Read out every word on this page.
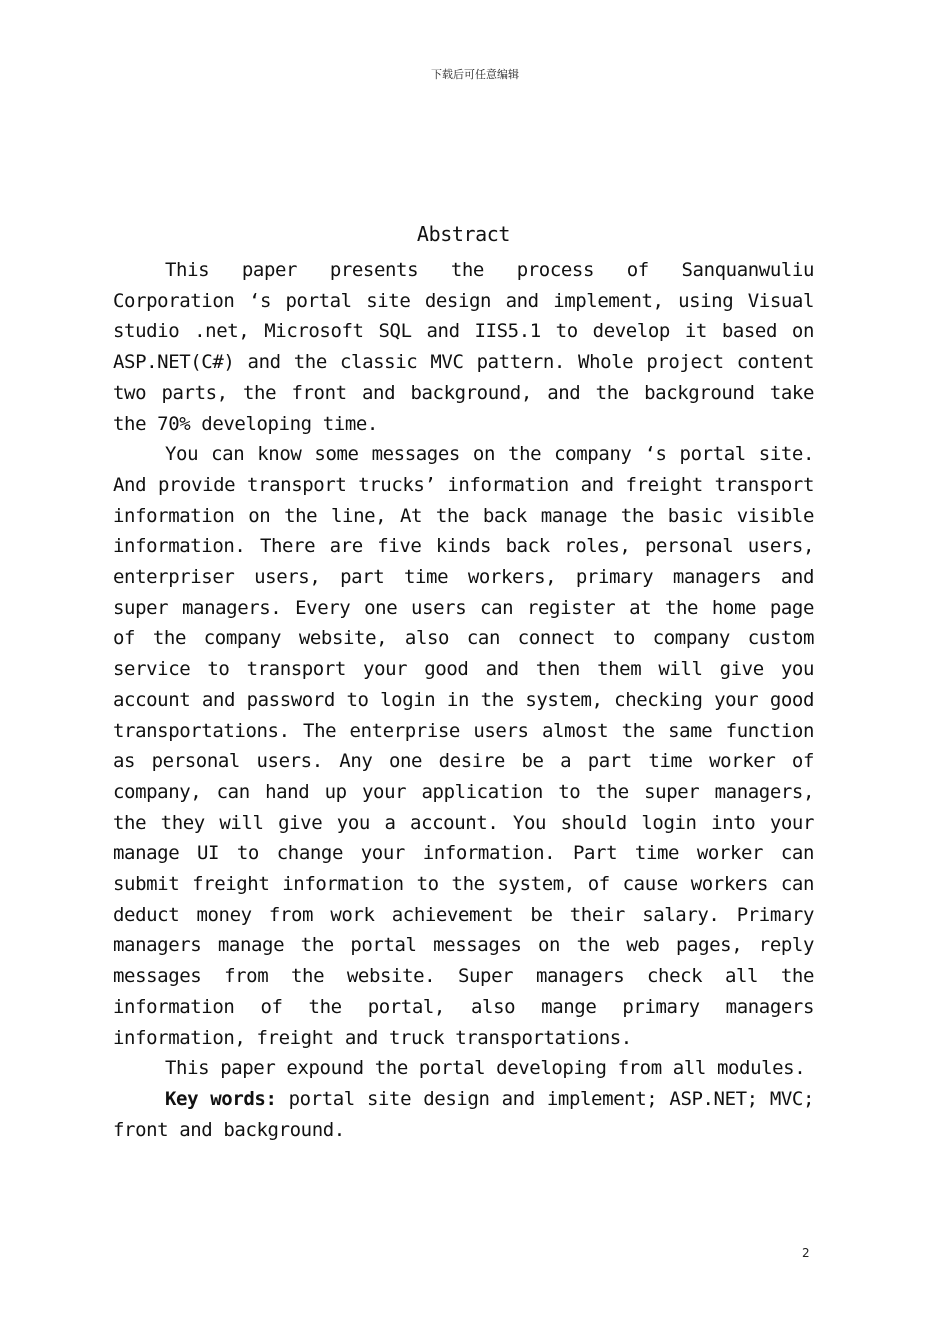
下载后可任意编辑
Abstract

This paper presents the process of Sanquanwuliu Corporation ‘s portal site design and implement, using Visual studio .net, Microsoft SQL and IIS5.1 to develop it based on ASP.NET(C#) and the classic MVC pattern. Whole project content two parts, the front and background, and the background take the 70% developing time.

You can know some messages on the company ‘s portal site. And provide transport trucks’ information and freight transport information on the line, At the back manage the basic visible information. There are five kinds back roles, personal users, enterpriser users, part time workers, primary managers and super managers. Every one users can register at the home page of the company website, also can connect to company custom service to transport your good and then them will give you account and password to login in the system, checking your good transportations. The enterprise users almost the same function as personal users. Any one desire be a part time worker of company, can hand up your application to the super managers, the they will give you a account. You should login into your manage UI to change your information. Part time worker can submit freight information to the system, of cause workers can deduct money from work achievement be their salary. Primary managers manage the portal messages on the web pages, reply messages from the website. Super managers check all the information of the portal, also mange primary managers information, freight and truck transportations.

This paper expound the portal developing from all modules.

Key words: portal site design and implement; ASP.NET; MVC; front and background.

2
